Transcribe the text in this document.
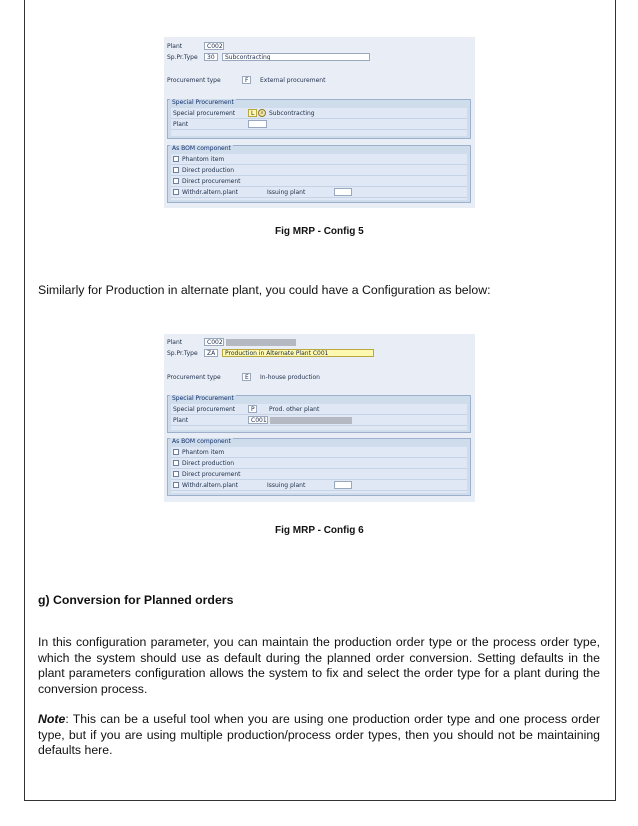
Plant	C002
Sp.Pr.Type	30	Subcontracting
Procurement type	F	External procurement
Special Procurement
Special procurement	L	⌕ Subcontracting
Plant
As BOM component
Phantom item
Direct production
Direct procurement
Withdr.altern.plant	Issuing plant
Fig MRP - Config 5
Similarly for Production in alternate plant, you could have a Configuration as below:
Plant	C002
Sp.Pr.Type	ZA	Production in Alternate Plant C001
Procurement type	E	In-house production
Special Procurement
Special procurement	P	Prod. other plant
Plant	C001
As BOM component
Phantom item
Direct production
Direct procurement
Withdr.altern.plant	Issuing plant
Fig MRP - Config 6
g) Conversion for Planned orders
In this configuration parameter, you can maintain the production order type or the process order type, which the system should use as default during the planned order conversion. Setting defaults in the plant parameters configuration allows the system to fix and select the order type for a plant during the conversion process.
Note: This can be a useful tool when you are using one production order type and one process order type, but if you are using multiple production/process order types, then you should not be maintaining defaults here.
